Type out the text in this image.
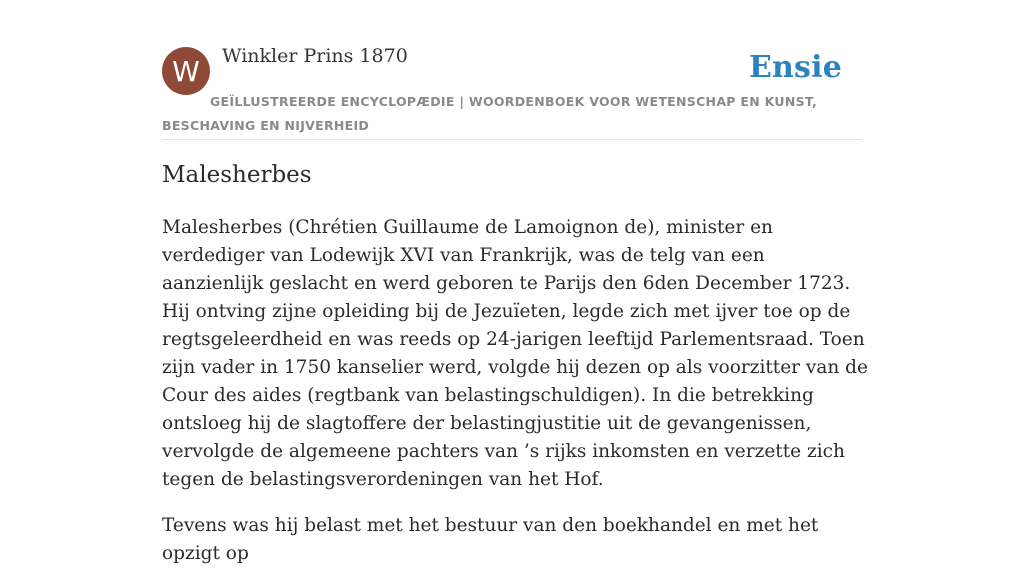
W Winkler Prins 1870	Ensie
GEÏLLUSTREERDE ENCYCLOPÆDIE | WOORDENBOEK VOOR WETENSCHAP EN KUNST, BESCHAVING EN NIJVERHEID
Malesherbes

Malesherbes (Chrétien Guillaume de Lamoignon de), minister en verdediger van Lodewijk XVI van Frankrijk, was de telg van een aanzienlijk geslacht en werd geboren te Parijs den 6den December 1723. Hij ontving zijne opleiding bij de Jezuïeten, legde zich met ijver toe op de regtsgeleerdheid en was reeds op 24-jarigen leeftijd Parlementsraad. Toen zijn vader in 1750 kanselier werd, volgde hij dezen op als voorzitter van de Cour des aides (regtbank van belastingschuldigen). In die betrekking ontsloeg hij de slagtoffere der belastingjustitie uit de gevangenissen, vervolgde de algemeene pachters van ’s rijks inkomsten en verzette zich tegen de belastingsverordeningen van het Hof.

Tevens was hij belast met het bestuur van den boekhandel en met het opzigt op
